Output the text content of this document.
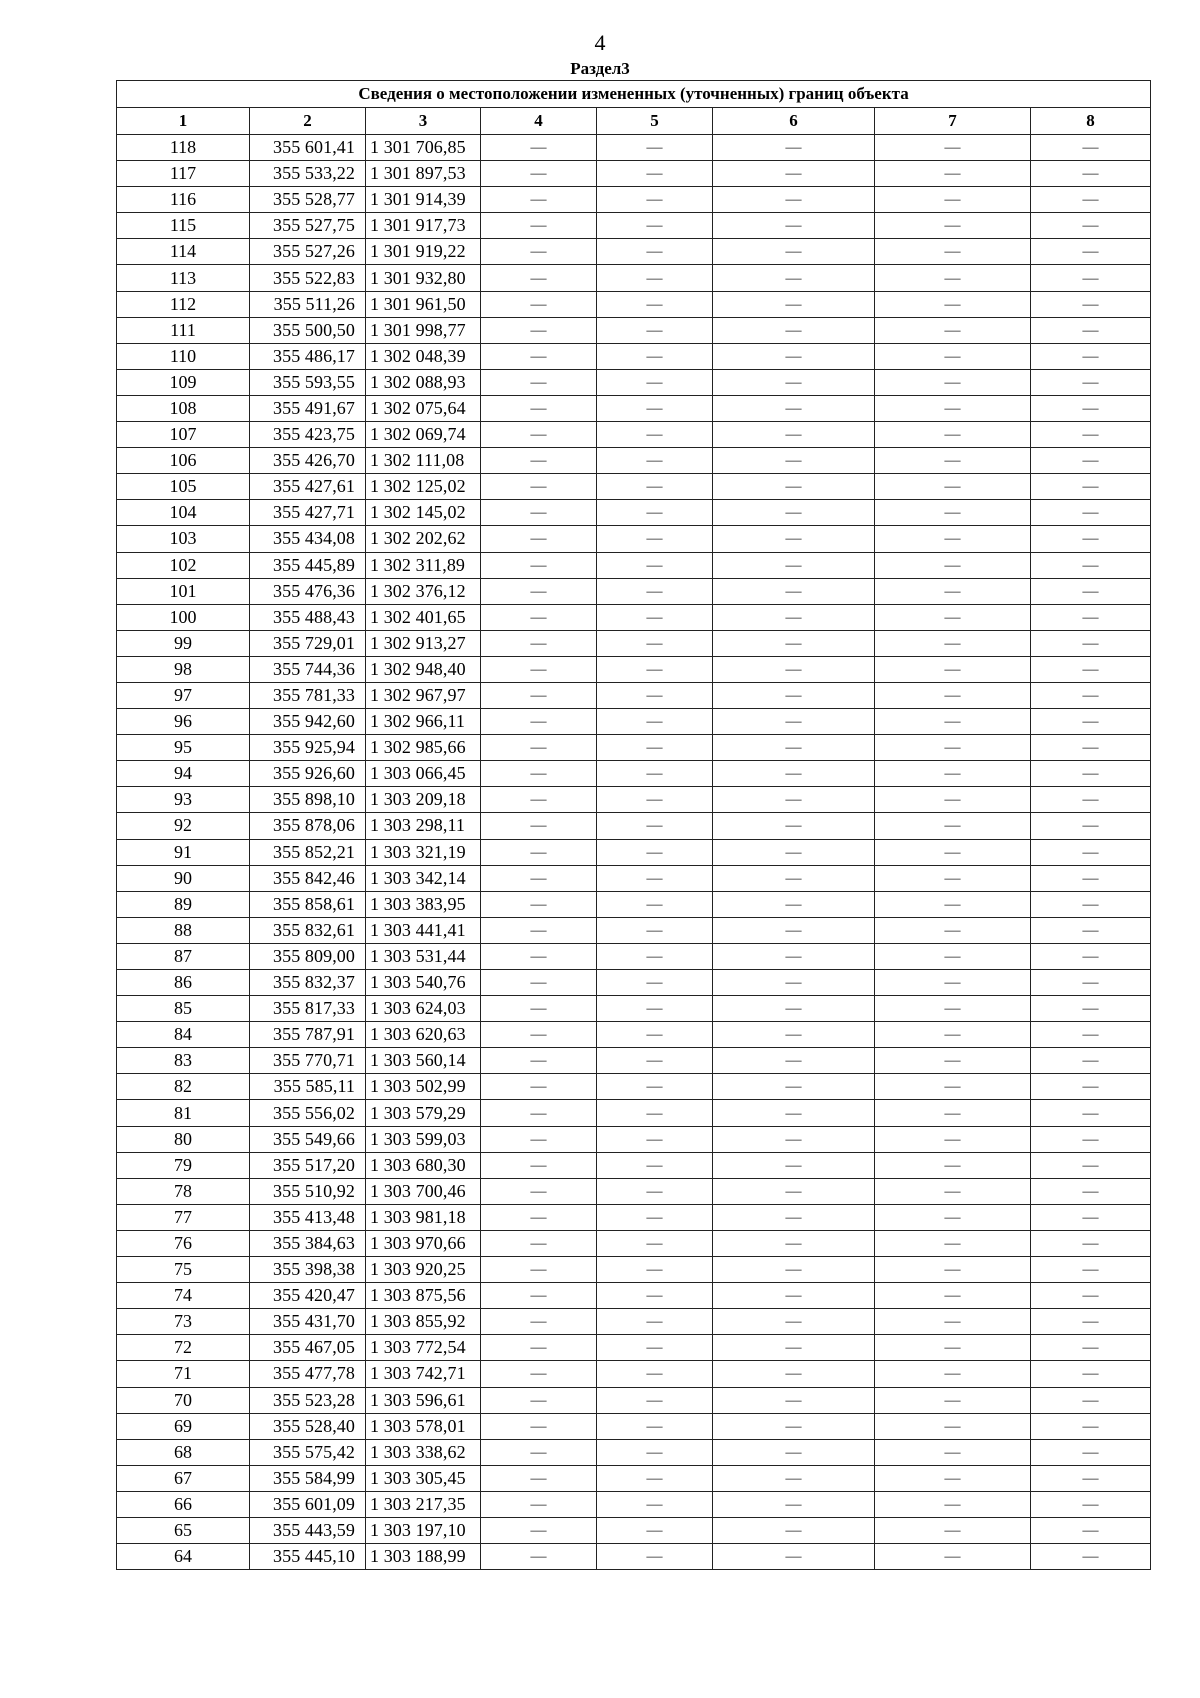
4
Раздел3
Сведения о местоположении измененных (уточненных) границ объекта							
1	2	3	4	5	6	7	8
118	355 601,41	1 301 706,85	—	—	—	—	—
117	355 533,22	1 301 897,53	—	—	—	—	—
116	355 528,77	1 301 914,39	—	—	—	—	—
115	355 527,75	1 301 917,73	—	—	—	—	—
114	355 527,26	1 301 919,22	—	—	—	—	—
113	355 522,83	1 301 932,80	—	—	—	—	—
112	355 511,26	1 301 961,50	—	—	—	—	—
111	355 500,50	1 301 998,77	—	—	—	—	—
110	355 486,17	1 302 048,39	—	—	—	—	—
109	355 593,55	1 302 088,93	—	—	—	—	—
108	355 491,67	1 302 075,64	—	—	—	—	—
107	355 423,75	1 302 069,74	—	—	—	—	—
106	355 426,70	1 302 111,08	—	—	—	—	—
105	355 427,61	1 302 125,02	—	—	—	—	—
104	355 427,71	1 302 145,02	—	—	—	—	—
103	355 434,08	1 302 202,62	—	—	—	—	—
102	355 445,89	1 302 311,89	—	—	—	—	—
101	355 476,36	1 302 376,12	—	—	—	—	—
100	355 488,43	1 302 401,65	—	—	—	—	—
99	355 729,01	1 302 913,27	—	—	—	—	—
98	355 744,36	1 302 948,40	—	—	—	—	—
97	355 781,33	1 302 967,97	—	—	—	—	—
96	355 942,60	1 302 966,11	—	—	—	—	—
95	355 925,94	1 302 985,66	—	—	—	—	—
94	355 926,60	1 303 066,45	—	—	—	—	—
93	355 898,10	1 303 209,18	—	—	—	—	—
92	355 878,06	1 303 298,11	—	—	—	—	—
91	355 852,21	1 303 321,19	—	—	—	—	—
90	355 842,46	1 303 342,14	—	—	—	—	—
89	355 858,61	1 303 383,95	—	—	—	—	—
88	355 832,61	1 303 441,41	—	—	—	—	—
87	355 809,00	1 303 531,44	—	—	—	—	—
86	355 832,37	1 303 540,76	—	—	—	—	—
85	355 817,33	1 303 624,03	—	—	—	—	—
84	355 787,91	1 303 620,63	—	—	—	—	—
83	355 770,71	1 303 560,14	—	—	—	—	—
82	355 585,11	1 303 502,99	—	—	—	—	—
81	355 556,02	1 303 579,29	—	—	—	—	—
80	355 549,66	1 303 599,03	—	—	—	—	—
79	355 517,20	1 303 680,30	—	—	—	—	—
78	355 510,92	1 303 700,46	—	—	—	—	—
77	355 413,48	1 303 981,18	—	—	—	—	—
76	355 384,63	1 303 970,66	—	—	—	—	—
75	355 398,38	1 303 920,25	—	—	—	—	—
74	355 420,47	1 303 875,56	—	—	—	—	—
73	355 431,70	1 303 855,92	—	—	—	—	—
72	355 467,05	1 303 772,54	—	—	—	—	—
71	355 477,78	1 303 742,71	—	—	—	—	—
70	355 523,28	1 303 596,61	—	—	—	—	—
69	355 528,40	1 303 578,01	—	—	—	—	—
68	355 575,42	1 303 338,62	—	—	—	—	—
67	355 584,99	1 303 305,45	—	—	—	—	—
66	355 601,09	1 303 217,35	—	—	—	—	—
65	355 443,59	1 303 197,10	—	—	—	—	—
64	355 445,10	1 303 188,99	—	—	—	—	—
